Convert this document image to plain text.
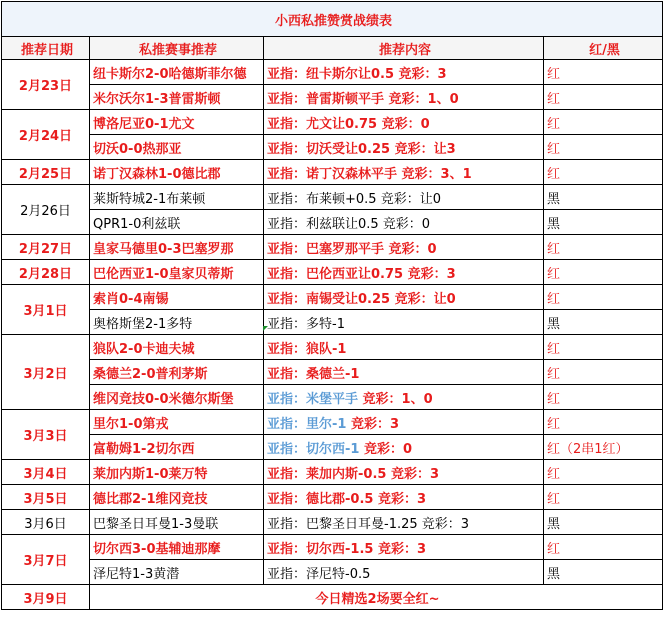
小西私推赞赏战绩表			
推荐日期	私推赛事推荐	推荐内容	红/黑
2月23日	纽卡斯尔2-0哈德斯菲尔德	亚指：纽卡斯尔让0.5 竞彩：3	红
	米尔沃尔1-3普雷斯顿	亚指：普雷斯顿平手 竞彩：1、0	红
2月24日	博洛尼亚0-1尤文	亚指：尤文让0.75 竞彩：0	红
	切沃0-0热那亚	亚指：切沃受让0.25 竞彩：让3	红
2月25日	诺丁汉森林1-0德比郡	亚指：诺丁汉森林平手 竞彩：3、1	红
2月26日	莱斯特城2-1布莱顿	亚指：布莱顿+0.5 竞彩：让0	黑
	QPR1-0利兹联	亚指：利兹联让0.5 竞彩：0	黑
2月27日	皇家马德里0-3巴塞罗那	亚指：巴塞罗那平手 竞彩：0	红
2月28日	巴伦西亚1-0皇家贝蒂斯	亚指：巴伦西亚让0.75 竞彩：3	红
3月1日	索肖0-4南锡	亚指：南锡受让0.25 竞彩：让0	红
	奥格斯堡2-1多特	亚指：多特-1	黑
3月2日	狼队2-0卡迪夫城	亚指：狼队-1	红
	桑德兰2-0普利茅斯	亚指：桑德兰-1	红
	维冈竞技0-0米德尔斯堡	亚指：米堡平手 竞彩：1、0	红
3月3日	里尔1-0第戎	亚指：里尔-1 竞彩：3	红
	富勒姆1-2切尔西	亚指：切尔西-1 竞彩：0	红（2串1红）
3月4日	莱加内斯1-0莱万特	亚指：莱加内斯-0.5 竞彩：3	红
3月5日	德比郡2-1维冈竞技	亚指：德比郡-0.5 竞彩：3	红
3月6日	巴黎圣日耳曼1-3曼联	亚指：巴黎圣日耳曼-1.25 竞彩：3	黑
3月7日	切尔西3-0基辅迪那摩	亚指：切尔西-1.5 竞彩：3	红
	泽尼特1-3黄潜	亚指：泽尼特-0.5	黑
3月9日	今日精选2场要全红~		
